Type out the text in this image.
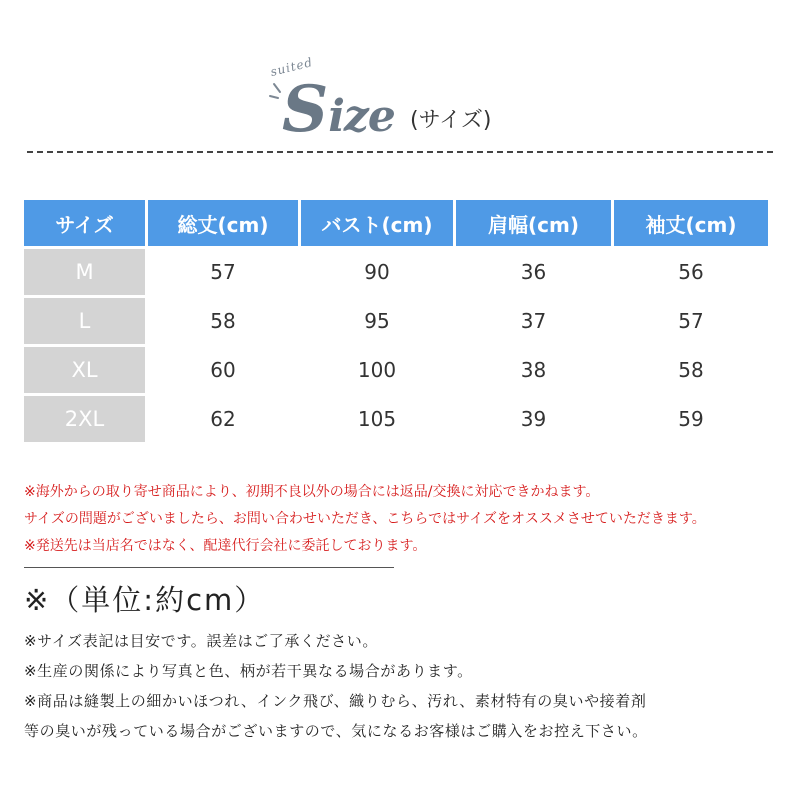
suited
Size (サイズ)
サイズ	総丈(cm)	バスト(cm)	肩幅(cm)	袖丈(cm)
M	57	90	36	56
L	58	95	37	57
XL	60	100	38	58
2XL	62	105	39	59
※海外からの取り寄せ商品により、初期不良以外の場合には返品/交換に対応できかねます。
サイズの問題がございましたら、お問い合わせいただき、こちらではサイズをオススメさせていただきます。
※発送先は当店名ではなく、配達代行会社に委託しております。
※（単位:約cm）
※サイズ表記は目安です。誤差はご了承ください。
※生産の関係により写真と色、柄が若干異なる場合があります。
※商品は縫製上の細かいほつれ、インク飛び、織りむら、汚れ、素材特有の臭いや接着剤
等の臭いが残っている場合がございますので、気になるお客様はご購入をお控え下さい。
